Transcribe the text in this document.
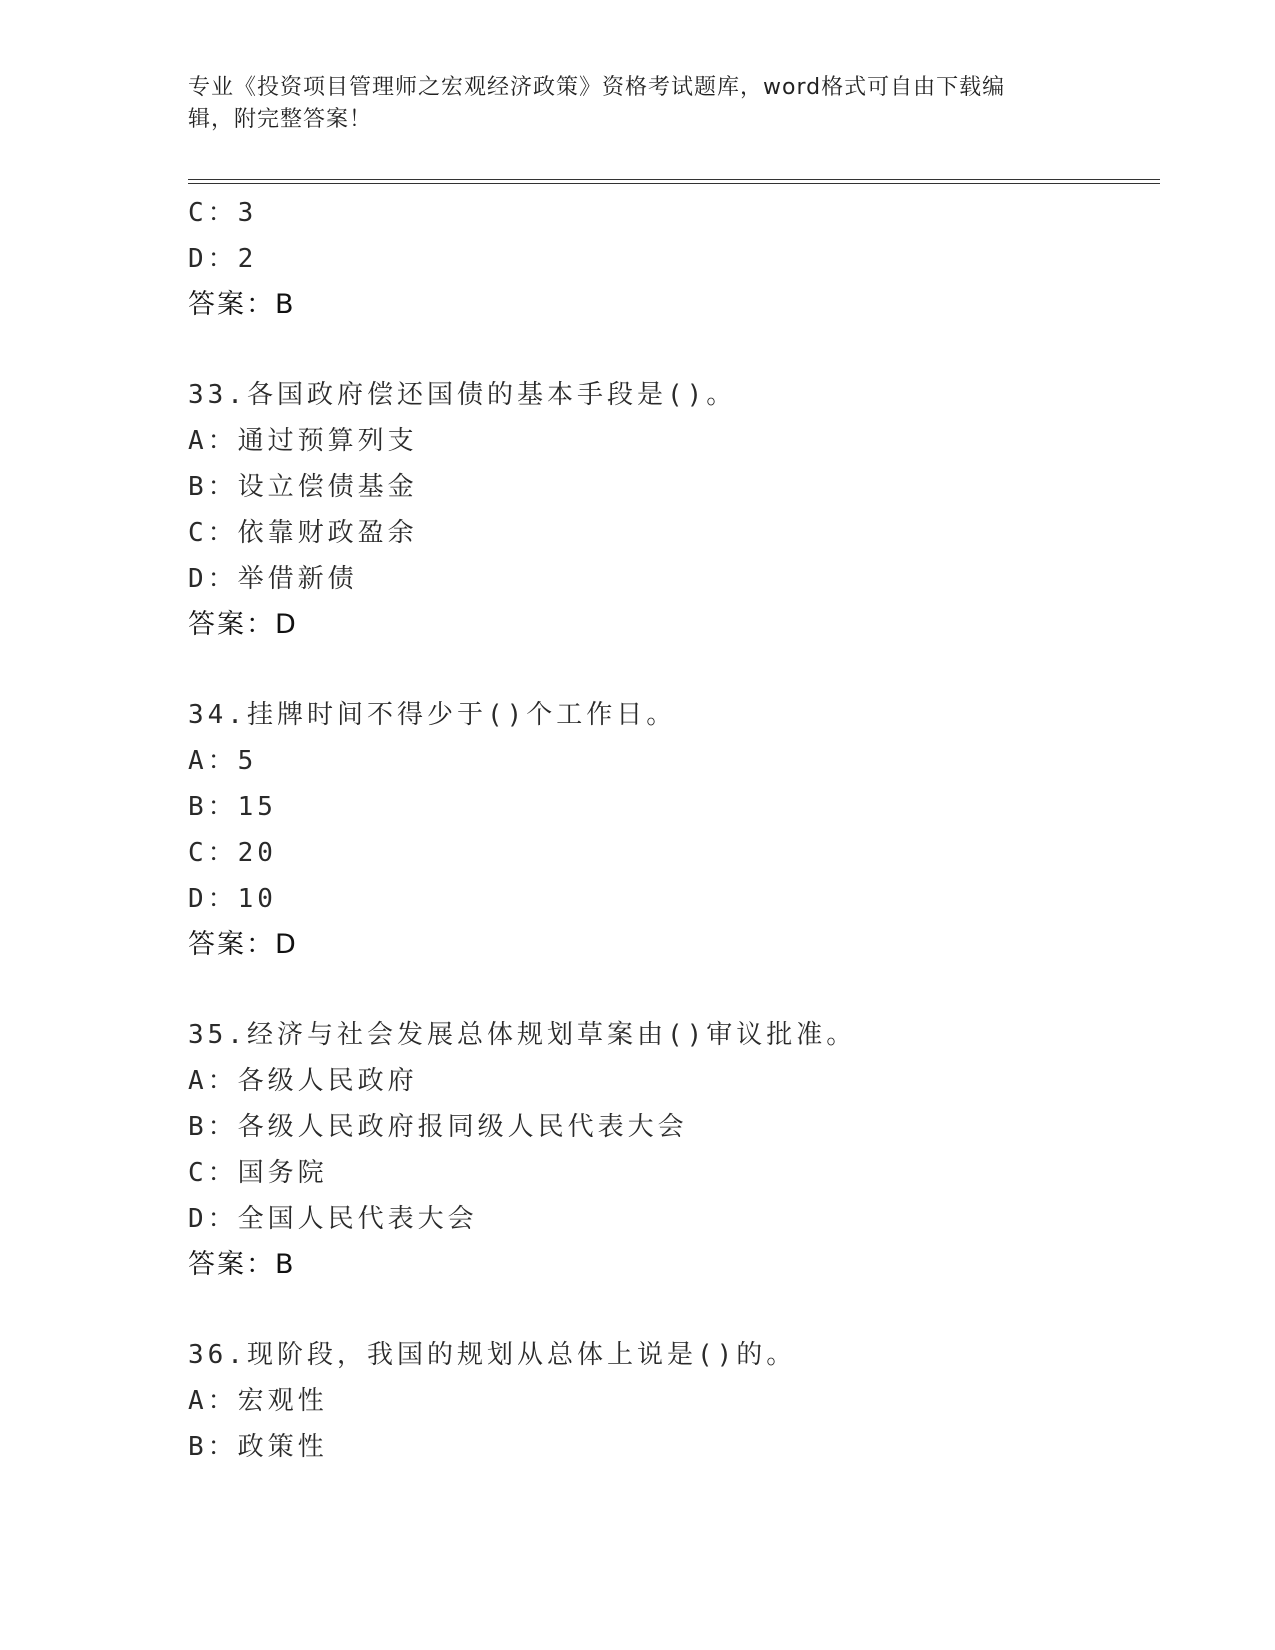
专业《投资项目管理师之宏观经济政策》资格考试题库，word格式可自由下载编
辑，附完整答案！
C：3
D：2
答案：B
33.各国政府偿还国债的基本手段是()。
A：通过预算列支
B：设立偿债基金
C：依靠财政盈余
D：举借新债
答案：D
34.挂牌时间不得少于()个工作日。
A：5
B：15
C：20
D：10
答案：D
35.经济与社会发展总体规划草案由()审议批准。
A：各级人民政府
B：各级人民政府报同级人民代表大会
C：国务院
D：全国人民代表大会
答案：B
36.现阶段，我国的规划从总体上说是()的。
A：宏观性
B：政策性
